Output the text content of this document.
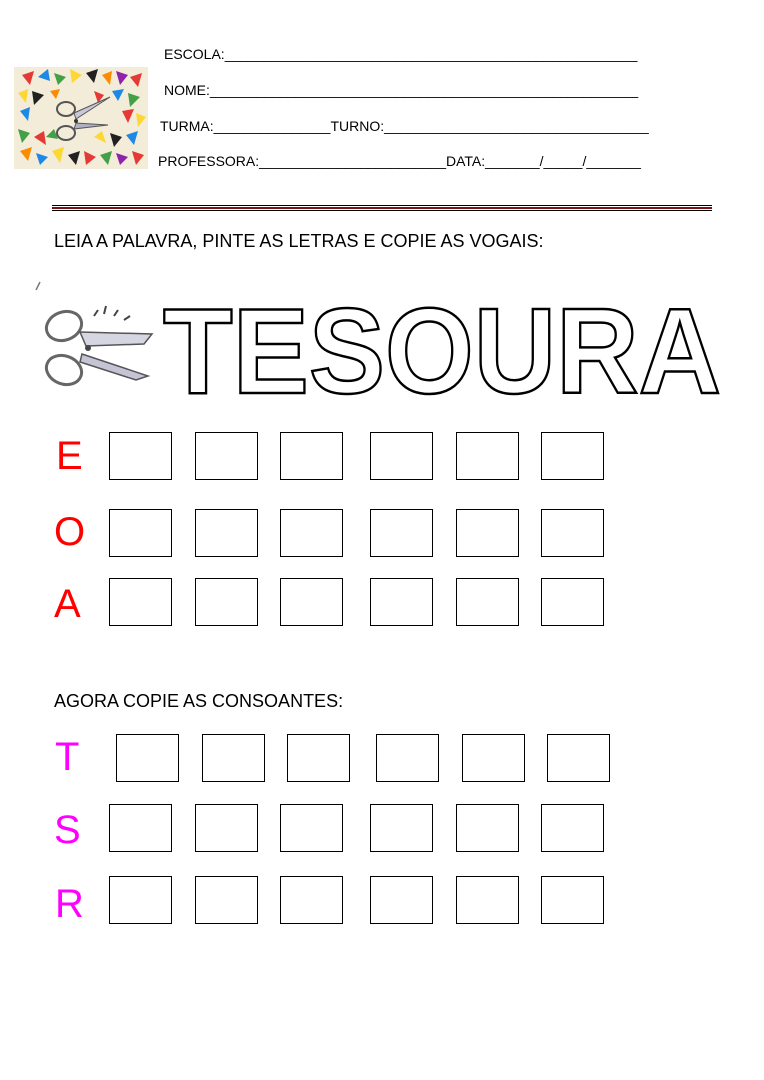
ESCOLA:_____________________________________________________
NOME:_______________________________________________________
TURMA:_______________TURNO:__________________________________
PROFESSORA:________________________DATA:_______/_____/_______
LEIA A PALAVRA, PINTE AS LETRAS E COPIE AS VOGAIS:
TESOURA
E
O
A
AGORA COPIE AS CONSOANTES:
T
S
R
